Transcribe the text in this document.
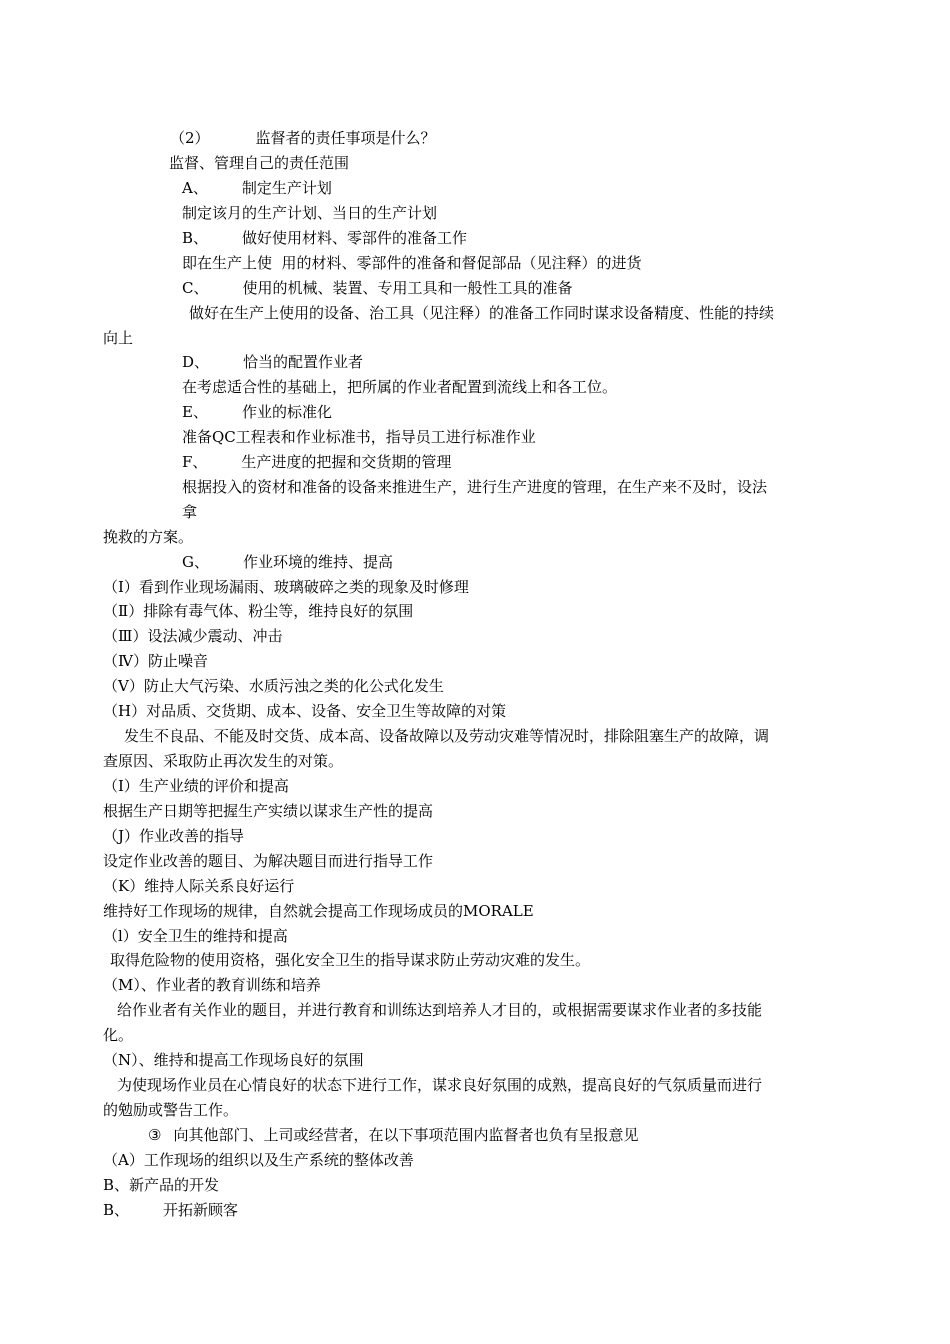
（2）	监督者的责任事项是什么？

监督、管理自己的责任范围

A、 制定生产计划

制定该月的生产计划、当日的生产计划

B、 做好使用材料、零部件的准备工作

即在生产上使  用的材料、零部件的准备和督促部品（见注释）的进货

C、 使用的机械、装置、专用工具和一般性工具的准备

做好在生产上使用的设备、治工具（见注释）的准备工作同时谋求设备精度、性能的持续

向上

D、 恰当的配置作业者

在考虑适合性的基础上，把所属的作业者配置到流线上和各工位。

E、 作业的标准化

准备QC工程表和作业标准书，指导员工进行标准作业

F、 生产进度的把握和交货期的管理

根据投入的资材和准备的设备来推进生产，进行生产进度的管理，在生产来不及时，设法

拿

挽救的方案。

G、 作业环境的维持、提高

（Ⅰ）看到作业现场漏雨、玻璃破碎之类的现象及时修理

（Ⅱ）排除有毒气体、粉尘等，维持良好的氛围

（Ⅲ）设法减少震动、冲击

（Ⅳ）防止噪音

（Ⅴ）防止大气污染、水质污浊之类的化公式化发生

（H）对品质、交货期、成本、设备、安全卫生等故障的对策

发生不良品、不能及时交货、成本高、设备故障以及劳动灾难等情况时，排除阻塞生产的故障，调

查原因、采取防止再次发生的对策。

（I）生产业绩的评价和提高

根据生产日期等把握生产实绩以谋求生产性的提高

（J）作业改善的指导

设定作业改善的题目、为解决题目而进行指导工作

（K）维持人际关系良好运行

维持好工作现场的规律，自然就会提高工作现场成员的MORALE

（l）安全卫生的维持和提高

取得危险物的使用资格，强化安全卫生的指导谋求防止劳动灾难的发生。

（M）、作业者的教育训练和培养

给作业者有关作业的题目，并进行教育和训练达到培养人才目的，或根据需要谋求作业者的多技能

化。

（N）、维持和提高工作现场良好的氛围

为使现场作业员在心情良好的状态下进行工作，谋求良好氛围的成熟，提高良好的气氛质量而进行

的勉励或警告工作。

③ 向其他部门、上司或经营者，在以下事项范围内监督者也负有呈报意见

（A）工作现场的组织以及生产系统的整体改善

B、新产品的开发

B、 开拓新顾客
